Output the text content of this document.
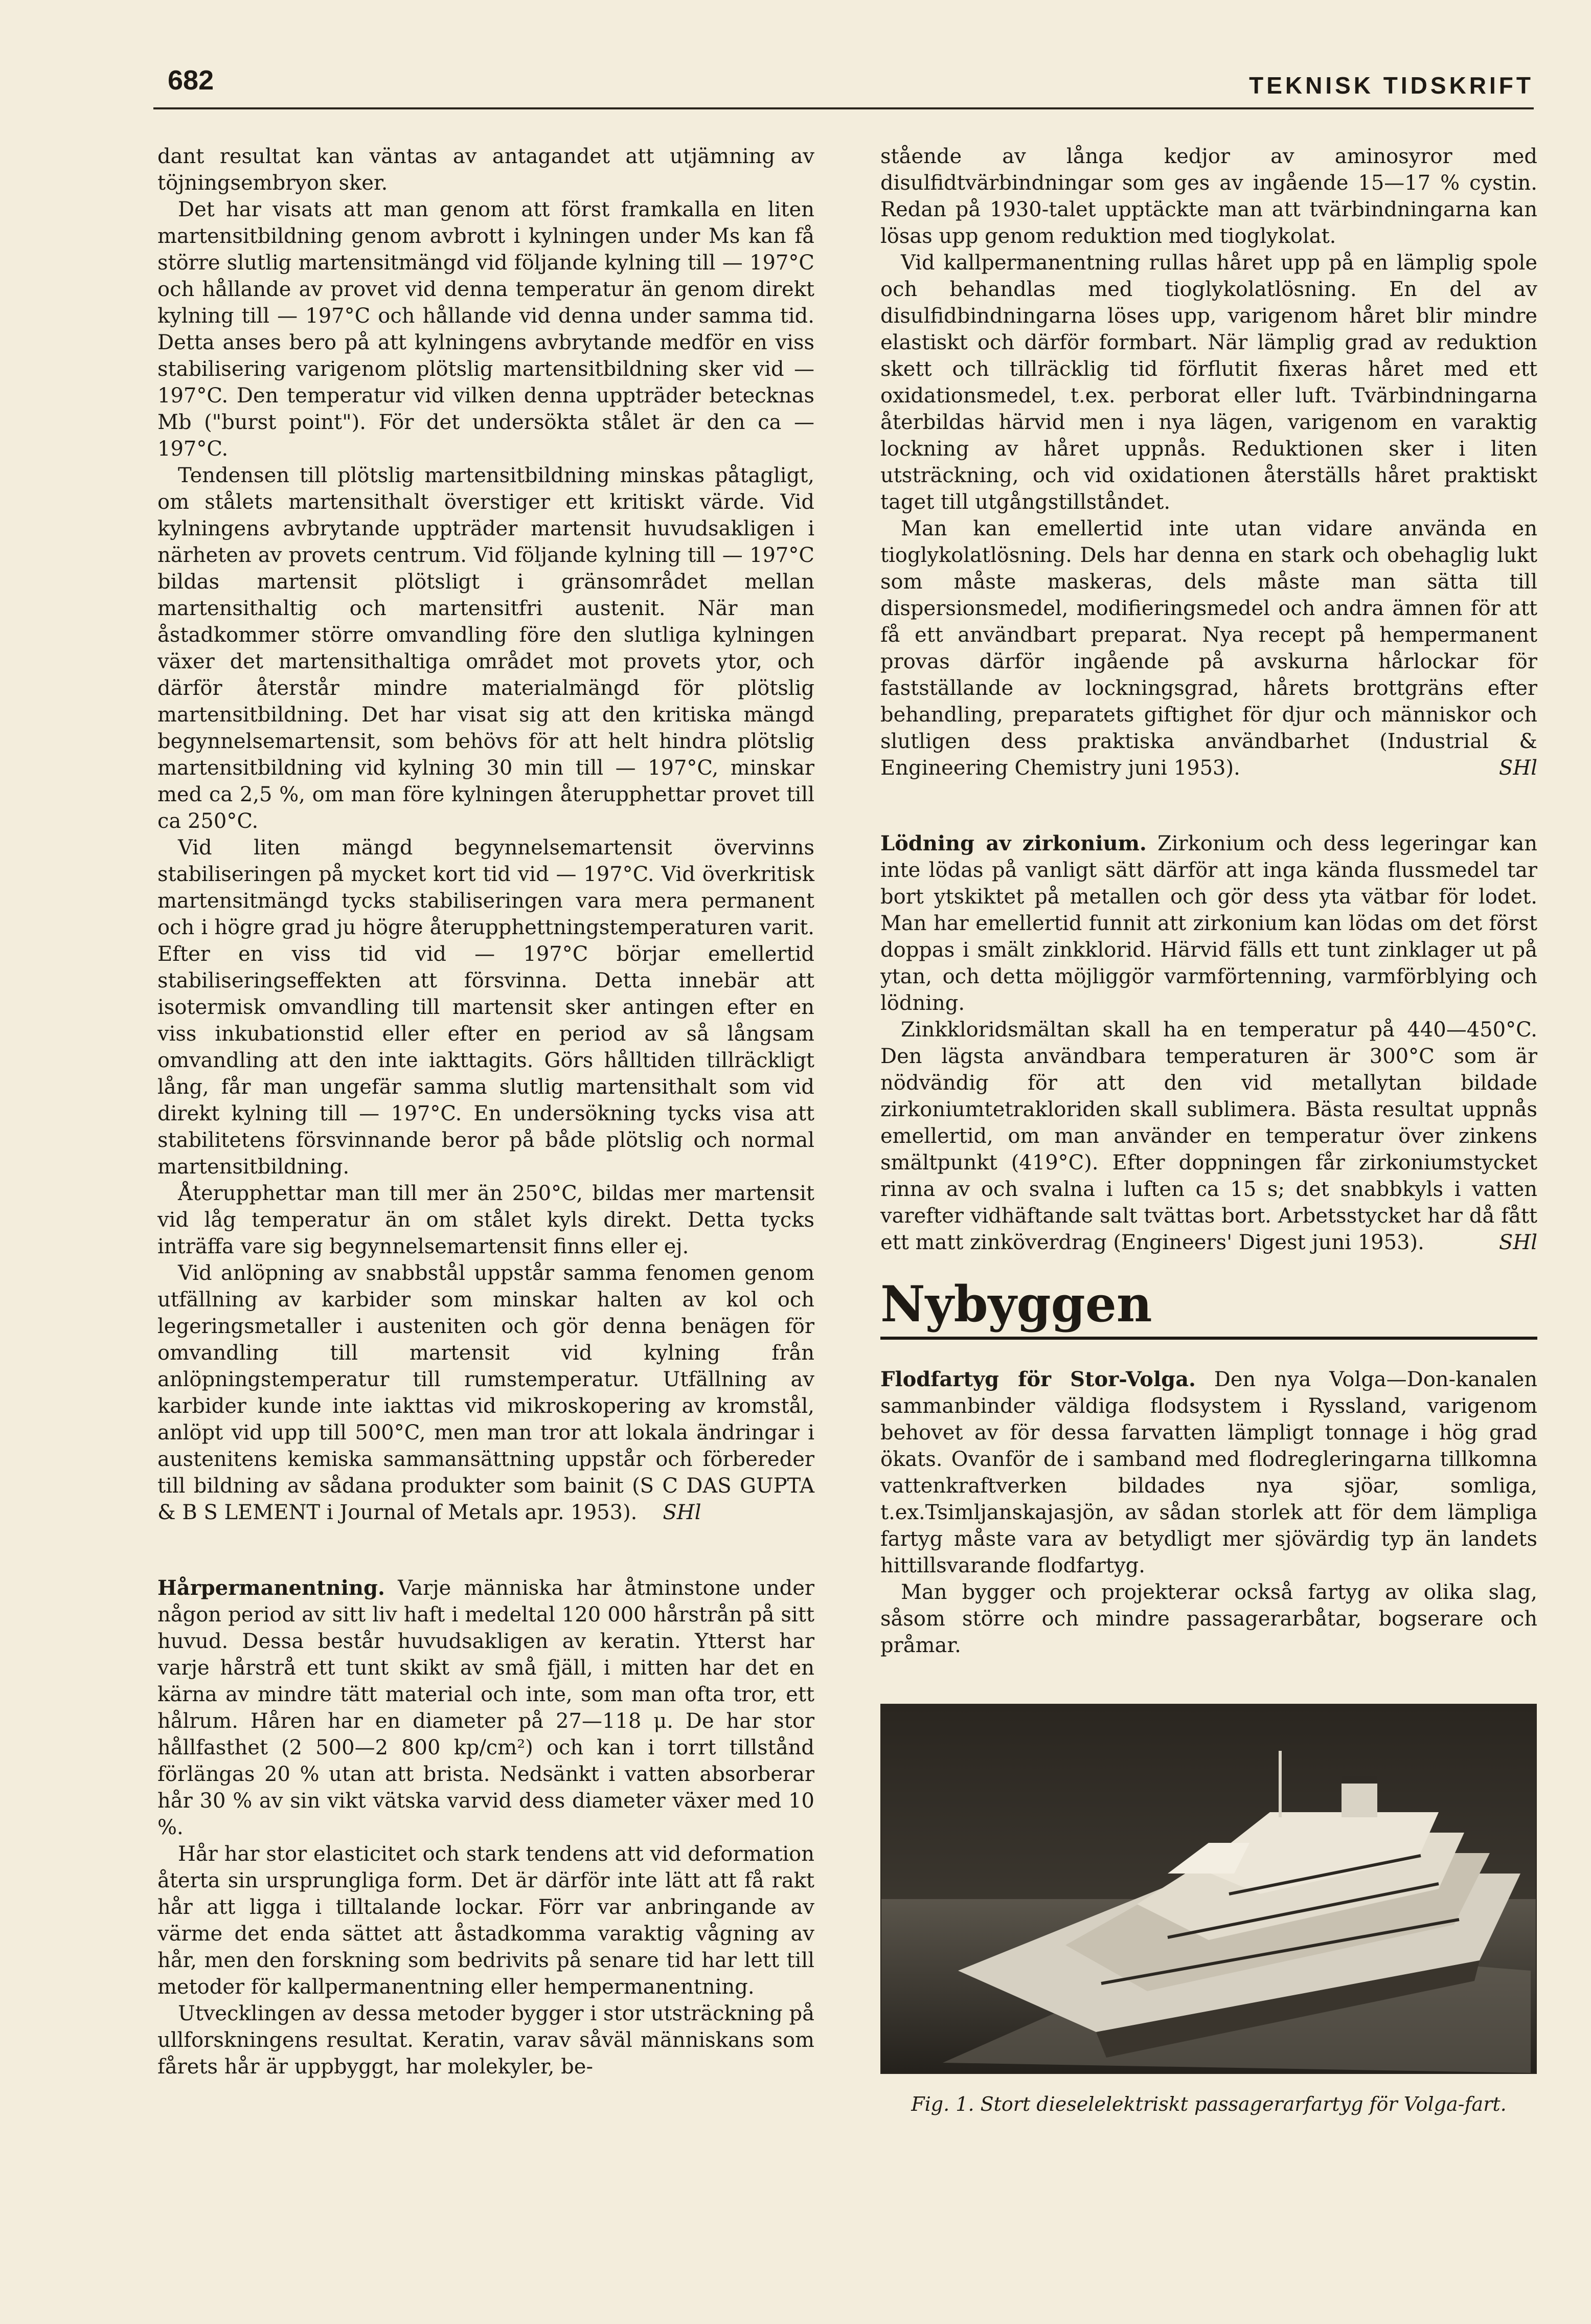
682	TEKNISK TIDSKRIFT

dant resultat kan väntas av antagandet att utjämning av töjningsembryon sker.

Det har visats att man genom att först framkalla en liten martensitbildning genom avbrott i kylningen under Ms kan få större slutlig martensitmängd vid följande kylning till — 197°C och hållande av provet vid denna temperatur än genom direkt kylning till — 197°C och hållande vid denna under samma tid. Detta anses bero på att kylningens avbrytande medför en viss stabilisering varigenom plötslig martensitbildning sker vid — 197°C. Den temperatur vid vilken denna uppträder betecknas Mb ("burst point"). För det undersökta stålet är den ca — 197°C.

Tendensen till plötslig martensitbildning minskas påtagligt, om stålets martensithalt överstiger ett kritiskt värde. Vid kylningens avbrytande uppträder martensit huvudsakligen i närheten av provets centrum. Vid följande kylning till — 197°C bildas martensit plötsligt i gränsområdet mellan martensithaltig och martensitfri austenit. När man åstadkommer större omvandling före den slutliga kylningen växer det martensithaltiga området mot provets ytor, och därför återstår mindre materialmängd för plötslig martensitbildning. Det har visat sig att den kritiska mängd begynnelsemartensit, som behövs för att helt hindra plötslig martensitbildning vid kylning 30 min till — 197°C, minskar med ca 2,5 %, om man före kylningen återupphettar provet till ca 250°C.

Vid liten mängd begynnelsemartensit övervinns stabiliseringen på mycket kort tid vid — 197°C. Vid överkritisk martensitmängd tycks stabiliseringen vara mera permanent och i högre grad ju högre återupphettningstemperaturen varit. Efter en viss tid vid — 197°C börjar emellertid stabiliseringseffekten att försvinna. Detta innebär att isotermisk omvandling till martensit sker antingen efter en viss inkubationstid eller efter en period av så långsam omvandling att den inte iakttagits. Görs hålltiden tillräckligt lång, får man ungefär samma slutlig martensithalt som vid direkt kylning till — 197°C. En undersökning tycks visa att stabilitetens försvinnande beror på både plötslig och normal martensitbildning.

Återupphettar man till mer än 250°C, bildas mer martensit vid låg temperatur än om stålet kyls direkt. Detta tycks inträffa vare sig begynnelsemartensit finns eller ej.

Vid anlöpning av snabbstål uppstår samma fenomen genom utfällning av karbider som minskar halten av kol och legeringsmetaller i austeniten och gör denna benägen för omvandling till martensit vid kylning från anlöpningstemperatur till rumstemperatur. Utfällning av karbider kunde inte iakttas vid mikroskopering av kromstål, anlöpt vid upp till 500°C, men man tror att lokala ändringar i austenitens kemiska sammansättning uppstår och förbereder till bildning av sådana produkter som bainit (S C DAS GUPTA & B S LEMENT i Journal of Metals apr. 1953). SHl

Hårpermanentning. Varje människa har åtminstone under någon period av sitt liv haft i medeltal 120 000 hårstrån på sitt huvud. Dessa består huvudsakligen av keratin. Ytterst har varje hårstrå ett tunt skikt av små fjäll, i mitten har det en kärna av mindre tätt material och inte, som man ofta tror, ett hålrum. Håren har en diameter på 27—118 μ. De har stor hållfasthet (2 500—2 800 kp/cm²) och kan i torrt tillstånd förlängas 20 % utan att brista. Nedsänkt i vatten absorberar hår 30 % av sin vikt vätska varvid dess diameter växer med 10 %.

Hår har stor elasticitet och stark tendens att vid deformation återta sin ursprungliga form. Det är därför inte lätt att få rakt hår att ligga i tilltalande lockar. Förr var anbringande av värme det enda sättet att åstadkomma varaktig vågning av hår, men den forskning som bedrivits på senare tid har lett till metoder för kallpermanentning eller hempermanentning.

Utvecklingen av dessa metoder bygger i stor utsträckning på ullforskningens resultat. Keratin, varav såväl människans som fårets hår är uppbyggt, har molekyler, be-

stående av långa kedjor av aminosyror med disulfidtvärbindningar som ges av ingående 15—17 % cystin. Redan på 1930-talet upptäckte man att tvärbindningarna kan lösas upp genom reduktion med tioglykolat.

Vid kallpermanentning rullas håret upp på en lämplig spole och behandlas med tioglykolatlösning. En del av disulfidbindningarna löses upp, varigenom håret blir mindre elastiskt och därför formbart. När lämplig grad av reduktion skett och tillräcklig tid förflutit fixeras håret med ett oxidationsmedel, t.ex. perborat eller luft. Tvärbindningarna återbildas härvid men i nya lägen, varigenom en varaktig lockning av håret uppnås. Reduktionen sker i liten utsträckning, och vid oxidationen återställs håret praktiskt taget till utgångstillståndet.

Man kan emellertid inte utan vidare använda en tioglykolatlösning. Dels har denna en stark och obehaglig lukt som måste maskeras, dels måste man sätta till dispersionsmedel, modifieringsmedel och andra ämnen för att få ett användbart preparat. Nya recept på hempermanent provas därför ingående på avskurna hårlockar för fastställande av lockningsgrad, hårets brottgräns efter behandling, preparatets giftighet för djur och människor och slutligen dess praktiska användbarhet (Industrial & Engineering Chemistry juni 1953).	SHl

Lödning av zirkonium. Zirkonium och dess legeringar kan inte lödas på vanligt sätt därför att inga kända flussmedel tar bort ytskiktet på metallen och gör dess yta vätbar för lodet. Man har emellertid funnit att zirkonium kan lödas om det först doppas i smält zinkklorid. Härvid fälls ett tunt zinklager ut på ytan, och detta möjliggör varmförtenning, varmförblying och lödning.

Zinkkloridsmältan skall ha en temperatur på 440—450°C. Den lägsta användbara temperaturen är 300°C som är nödvändig för att den vid metallytan bildade zirkoniumtetrakloriden skall sublimera. Bästa resultat uppnås emellertid, om man använder en temperatur över zinkens smältpunkt (419°C). Efter doppningen får zirkoniumstycket rinna av och svalna i luften ca 15 s; det snabbkyls i vatten varefter vidhäftande salt tvättas bort. Arbetsstycket har då fått ett matt zinköverdrag (Engineers' Digest juni 1953).	SHl

Nybyggen

Flodfartyg för Stor-Volga. Den nya Volga—Don-kanalen sammanbinder väldiga flodsystem i Ryssland, varigenom behovet av för dessa farvatten lämpligt tonnage i hög grad ökats. Ovanför de i samband med flodregleringarna tillkomna vattenkraftverken bildades nya sjöar, somliga, t.ex.Tsimljanskajasjön, av sådan storlek att för dem lämpliga fartyg måste vara av betydligt mer sjövärdig typ än landets hittillsvarande flodfartyg.

Man bygger och projekterar också fartyg av olika slag, såsom större och mindre passagerarbåtar, bogserare och pråmar.

Fig. 1. Stort dieselelektriskt passagerarfartyg för Volga-fart.
